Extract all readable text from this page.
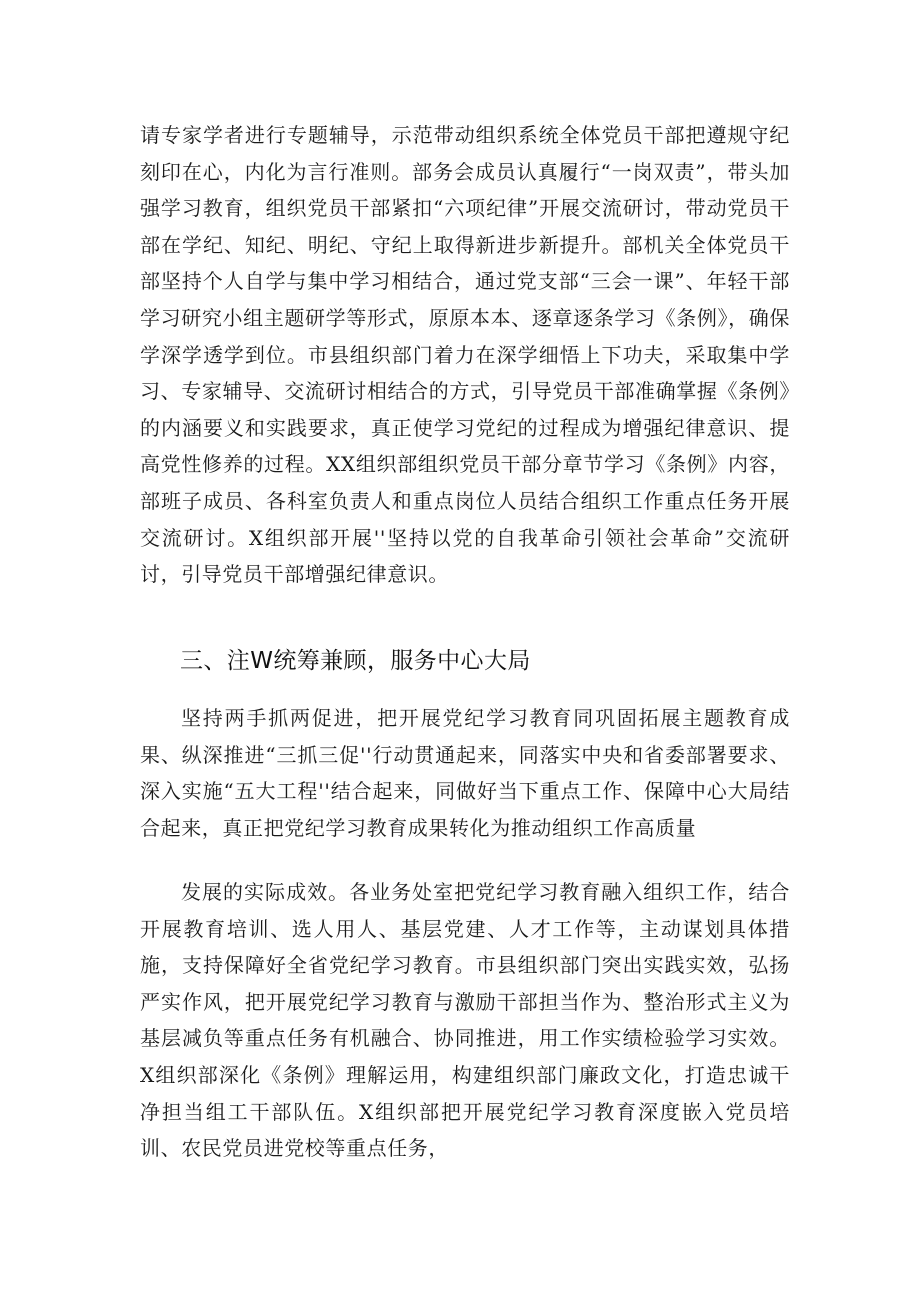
请专家学者进行专题辅导，示范带动组织系统全体党员干部把遵规守纪刻印在心，内化为言行准则。部务会成员认真履行“一岗双责”，带头加强学习教育，组织党员干部紧扣“六项纪律”开展交流研讨，带动党员干部在学纪、知纪、明纪、守纪上取得新进步新提升。部机关全体党员干部坚持个人自学与集中学习相结合，通过党支部“三会一课”、年轻干部学习研究小组主题研学等形式，原原本本、逐章逐条学习《条例》，确保学深学透学到位。市县组织部门着力在深学细悟上下功夫，采取集中学习、专家辅导、交流研讨相结合的方式，引导党员干部准确掌握《条例》的内涵要义和实践要求，真正使学习党纪的过程成为增强纪律意识、提高党性修养的过程。XX组织部组织党员干部分章节学习《条例》内容，部班子成员、各科室负责人和重点岗位人员结合组织工作重点任务开展交流研讨。X组织部开展''坚持以党的自我革命引领社会革命”交流研讨，引导党员干部增强纪律意识。

三、注W统筹兼顾，服务中心大局

坚持两手抓两促进，把开展党纪学习教育同巩固拓展主题教育成果、纵深推进“三抓三促''行动贯通起来，同落实中央和省委部署要求、深入实施“五大工程''结合起来，同做好当下重点工作、保障中心大局结合起来，真正把党纪学习教育成果转化为推动组织工作高质量

发展的实际成效。各业务处室把党纪学习教育融入组织工作，结合开展教育培训、选人用人、基层党建、人才工作等，主动谋划具体措施，支持保障好全省党纪学习教育。市县组织部门突出实践实效，弘扬严实作风，把开展党纪学习教育与激励干部担当作为、整治形式主义为基层减负等重点任务有机融合、协同推进，用工作实绩检验学习实效。X组织部深化《条例》理解运用，构建组织部门廉政文化，打造忠诚干净担当组工干部队伍。X组织部把开展党纪学习教育深度嵌入党员培训、农民党员进党校等重点任务，
